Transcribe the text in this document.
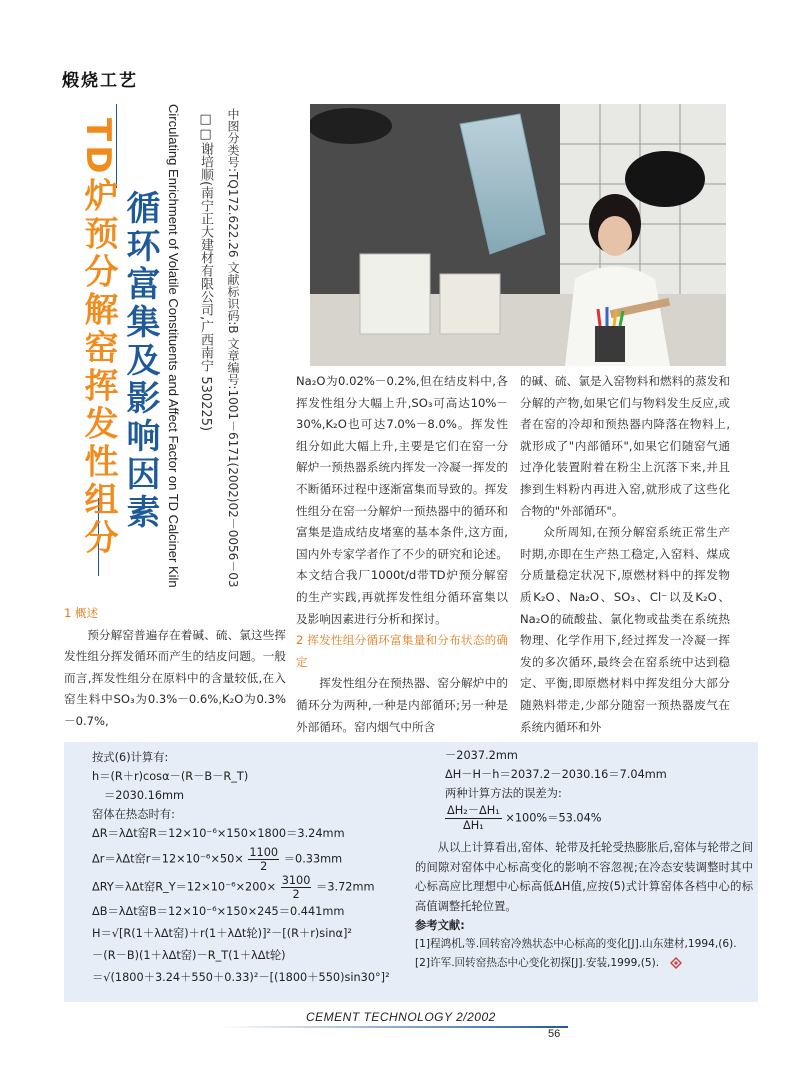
煅烧工艺
TD炉预分解窑挥发性组分 循环富集及影响因素 Circulating Enrichment of Volatile Constituents and Affect Factor on TD Calciner Kiln □□谢培顺(南宁正大建材有限公司,广西南宁 530225) 中图分类号:TQ172.622.26 文献标识码:B 文章编号:1001－6171(2002)02－0056－03

1 概述

预分解窑普遍存在着碱、硫、氯这些挥发性组分挥发循环而产生的结皮问题。一般而言,挥发性组分在原料中的含量较低,在入窑生料中SO₃为0.3%－0.6%,K₂O为0.3%－0.7%,

Na₂O为0.02%－0.2%,但在结皮料中,各挥发性组分大幅上升,SO₃可高达10%－30%,K₂O也可达7.0%－8.0%。挥发性组分如此大幅上升,主要是它们在窑一分解炉一预热器系统内挥发一冷凝一挥发的不断循环过程中逐渐富集而导致的。挥发性组分在窑一分解炉一预热器中的循环和富集是造成结皮堵塞的基本条件,这方面,国内外专家学者作了不少的研究和论述。本文结合我厂1000t/d带TD炉预分解窑的生产实践,再就挥发性组分循环富集以及影响因素进行分析和探讨。

2 挥发性组分循环富集量和分布状态的确定

挥发性组分在预热器、窑分解炉中的循环分为两种,一种是内部循环;另一种是外部循环。窑内烟气中所含

的碱、硫、氯是入窑物料和燃料的蒸发和分解的产物,如果它们与物料发生反应,或者在窑的冷却和预热器内降落在物料上,就形成了"内部循环",如果它们随窑气通过净化装置附着在粉尘上沉落下来,并且掺到生料粉内再进入窑,就形成了这些化合物的"外部循环"。

众所周知,在预分解窑系统正常生产时期,亦即在生产热工稳定,入窑料、煤成分质量稳定状况下,原燃材料中的挥发物质K₂O、Na₂O、SO₃、Cl⁻以及K₂O、Na₂O的硫酸盐、氯化物或盐类在系统热物理、化学作用下,经过挥发一冷凝一挥发的多次循环,最终会在窑系统中达到稳定、平衡,即原燃材料中挥发组分大部分随熟料带走,少部分随窑一预热器废气在系统内循环和外

按式(6)计算有:
h＝(R＋r)cosα－(R－B－R_T)
＝2030.16mm
窑体在热态时有:
ΔR＝λΔt窑R＝12×10⁻⁶×150×1800＝3.24mm
Δr＝λΔt窑$r=12\times 10^{-6}\times 50\times \frac{1100}{2} =0.33mm$
ΔRY＝λΔt窑R_Y＝12×10⁻⁶×200× $\frac{3100}{2} =3.72mm$
ΔB＝λΔt窑B＝12×10⁻⁶×150×245＝0.441mm
H＝√[R(1＋λΔt窑)＋r(1＋λΔt轮)]²－[(R＋r)sinα]²
－(R－B)(1＋λΔt窑)－R_T(1＋λΔt轮)
＝√(1800＋3.24＋550＋0.33)²－[(1800＋550)sin30°]²
－2037.2mm
ΔH－H－h＝2037.2－2030.16＝7.04mm
两种计算方法的误差为:
$\frac{\text{ΔH₂－ΔH₁}}{\text{ΔH₁}} \times 100\%=53.04\%$
从以上计算看出,窑体、轮带及托轮受热膨胀后,窑体与轮带之间的间隙对窑体中心标高变化的影响不容忽视;在冷态安装调整时其中心标高应比理想中心标高低ΔH值,应按(5)式计算窑体各档中心的标高值调整托轮位置。
参考文献:
[1]程鸿机,等.回转窑冷熟状态中心标高的变化[J].山东建材,1994,(6).
[2]许军.回转窑热态中心变化初探[J].安装,1999,(5).
CEMENT TECHNOLOGY 2/2002
56
